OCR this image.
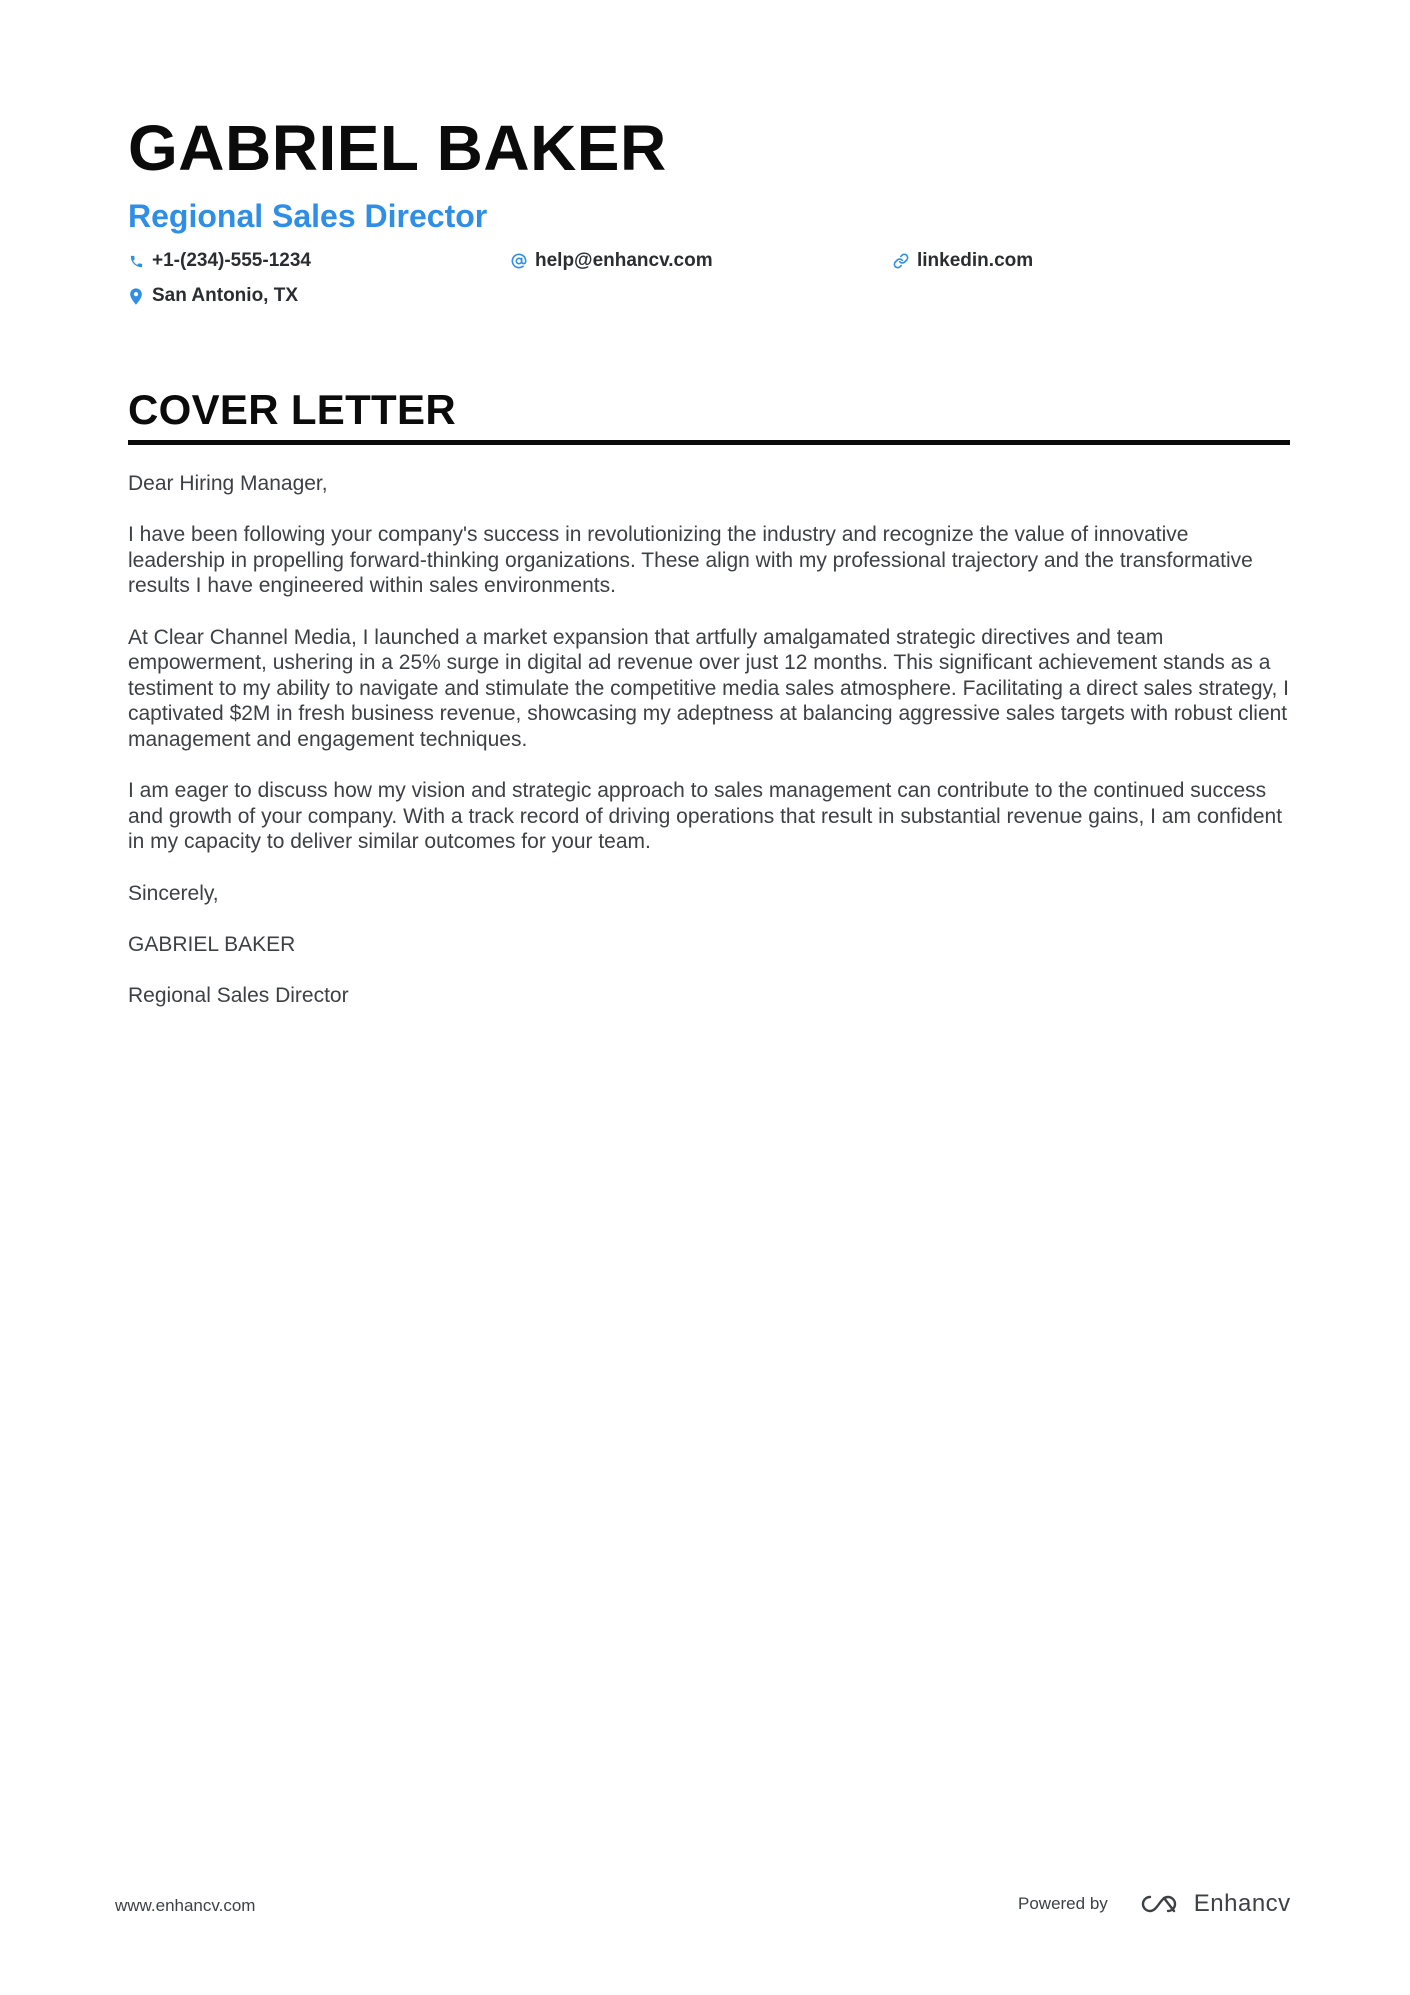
GABRIEL BAKER
Regional Sales Director
+1-(234)-555-1234	help@enhancv.com	linkedin.com
San Antonio, TX
COVER LETTER

Dear Hiring Manager,

I have been following your company's success in revolutionizing the industry and recognize the value of innovative leadership in propelling forward-thinking organizations. These align with my professional trajectory and the transformative results I have engineered within sales environments.

At Clear Channel Media, I launched a market expansion that artfully amalgamated strategic directives and team empowerment, ushering in a 25% surge in digital ad revenue over just 12 months. This significant achievement stands as a testiment to my ability to navigate and stimulate the competitive media sales atmosphere. Facilitating a direct sales strategy, I captivated $2M in fresh business revenue, showcasing my adeptness at balancing aggressive sales targets with robust client management and engagement techniques.

I am eager to discuss how my vision and strategic approach to sales management can contribute to the continued success and growth of your company. With a track record of driving operations that result in substantial revenue gains, I am confident in my capacity to deliver similar outcomes for your team.

Sincerely,

GABRIEL BAKER

Regional Sales Director

www.enhancv.com	Powered by	Enhancv
